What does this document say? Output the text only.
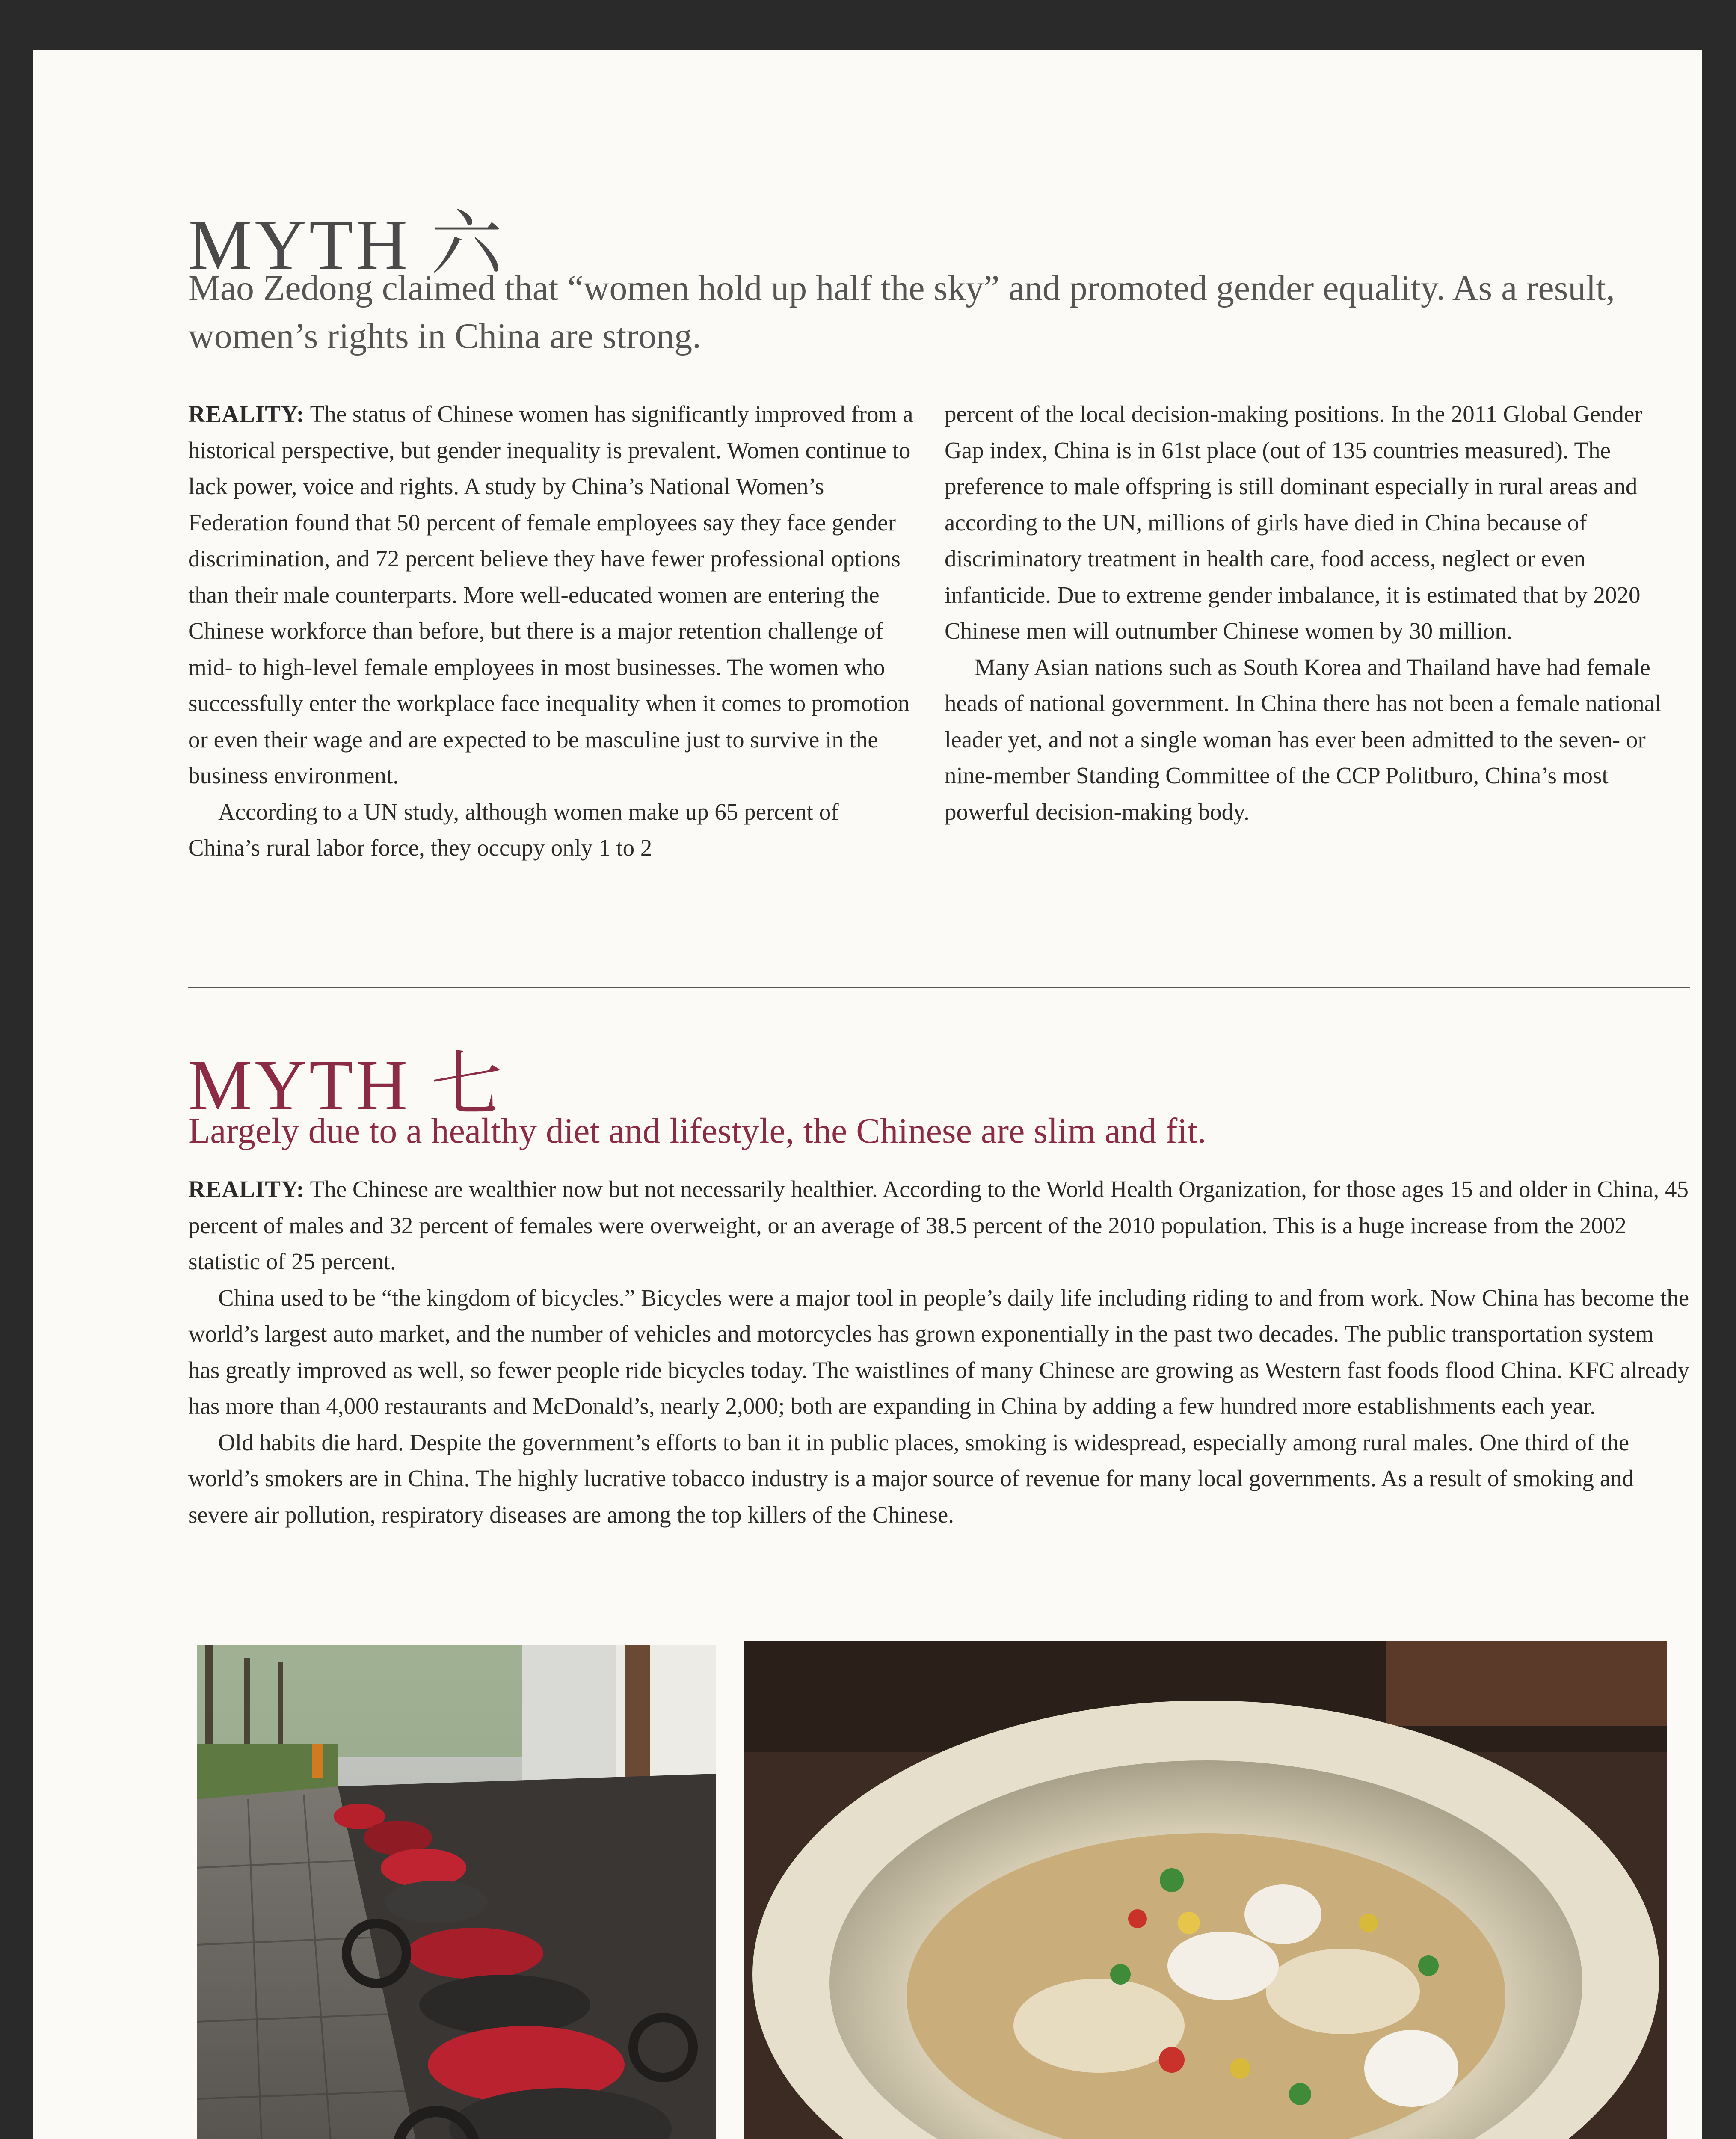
MYTH 六
Mao Zedong claimed that “women hold up half the sky” and promoted gender equality. As a result, women’s rights in China are strong.

REALITY: The status of Chinese women has significantly improved from a historical perspective, but gender inequality is prevalent. Women continue to lack power, voice and rights. A study by China’s National Women’s Federation found that 50 percent of female employees say they face gender discrimination, and 72 percent believe they have fewer professional options than their male counterparts. More well-educated women are entering the Chinese workforce than before, but there is a major retention challenge of mid- to high-level female employees in most businesses. The women who successfully enter the workplace face inequality when it comes to promotion or even their wage and are expected to be masculine just to survive in the business environment.

According to a UN study, although women make up 65 percent of China’s rural labor force, they occupy only 1 to 2

percent of the local decision-making positions. In the 2011 Global Gender Gap index, China is in 61st place (out of 135 countries measured). The preference to male offspring is still dominant especially in rural areas and according to the UN, millions of girls have died in China because of discriminatory treatment in health care, food access, neglect or even infanticide. Due to extreme gender imbalance, it is estimated that by 2020 Chinese men will outnumber Chinese women by 30 million.

Many Asian nations such as South Korea and Thailand have had female heads of national government. In China there has not been a female national leader yet, and not a single woman has ever been admitted to the seven- or nine-member Standing Committee of the CCP Politburo, China’s most powerful decision-making body.

MYTH 七
Largely due to a healthy diet and lifestyle, the Chinese are slim and fit.

REALITY: The Chinese are wealthier now but not necessarily healthier. According to the World Health Organization, for those ages 15 and older in China, 45 percent of males and 32 percent of females were overweight, or an average of 38.5 percent of the 2010 population. This is a huge increase from the 2002 statistic of 25 percent.

China used to be “the kingdom of bicycles.” Bicycles were a major tool in people’s daily life including riding to and from work. Now China has become the world’s largest auto market, and the number of vehicles and motorcycles has grown exponentially in the past two decades. The public transportation system has greatly improved as well, so fewer people ride bicycles today. The waistlines of many Chinese are growing as Western fast foods flood China. KFC already has more than 4,000 restaurants and McDonald’s, nearly 2,000; both are expanding in China by adding a few hundred more establishments each year.

Old habits die hard. Despite the government’s efforts to ban it in public places, smoking is widespread, especially among rural males. One third of the world’s smokers are in China. The highly lucrative tobacco industry is a major source of revenue for many local governments. As a result of smoking and severe air pollution, respiratory diseases are among the top killers of the Chinese.
